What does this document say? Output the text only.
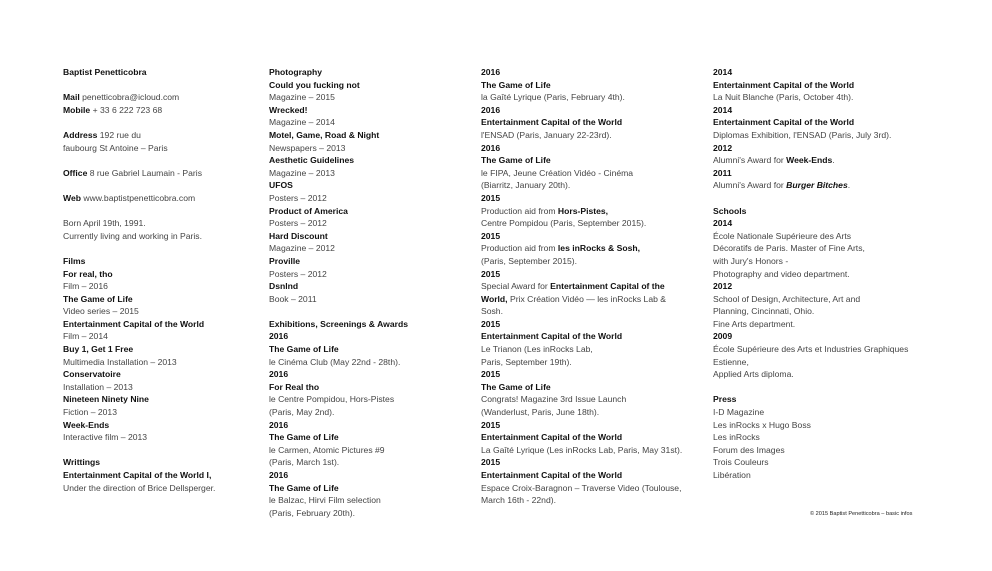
Baptist Penetticobra
Mail penetticobra@icloud.com
Mobile + 33 6 222 723 68
Address 192 rue du
faubourg St Antoine – Paris
Office 8 rue Gabriel Laumain - Paris
Web www.baptistpenetticobra.com
Born April 19th, 1991.
Currently living and working in Paris.
Films
For real, tho
Film – 2016
The Game of Life
Video series – 2015
Entertainment Capital of the World
Film – 2014
Buy 1, Get 1 Free
Multimedia Installation – 2013
Conservatoire
Installation – 2013
Nineteen Ninety Nine
Fiction – 2013
Week-Ends
Interactive film – 2013
Writtings
Entertainment Capital of the World I,
Under the direction of Brice Dellsperger.
Photography
Could you fucking not
Magazine – 2015
Wrecked!
Magazine – 2014
Motel, Game, Road & Night
Newspapers – 2013
Aesthetic Guidelines
Magazine – 2013
UFOS
Posters – 2012
Product of America
Posters – 2012
Hard Discount
Magazine – 2012
Proville
Posters – 2012
Dsnlnd
Book – 2011
Exhibitions, Screenings & Awards
2016
The Game of Life
le Cinéma Club (May 22nd - 28th).
2016
For Real tho
le Centre Pompidou, Hors-Pistes
(Paris, May 2nd).
2016
The Game of Life
le Carmen, Atomic Pictures #9
(Paris, March 1st).
2016
The Game of Life
le Balzac, Hirvi Film selection
(Paris, February 20th).
2016
The Game of Life
la Gaîté Lyrique (Paris, February 4th).
2016
Entertainment Capital of the World
l'ENSAD (Paris, January 22-23rd).
2016
The Game of Life
le FIPA, Jeune Création Vidéo - Cinéma
(Biarritz, January 20th).
2015
Production aid from Hors-Pistes,
Centre Pompidou (Paris, September 2015).
2015
Production aid from les inRocks & Sosh,
(Paris, September 2015).
2015
Special Award for Entertainment Capital of the
World, Prix Création Vidéo — les inRocks Lab &
Sosh.
2015
Entertainment Capital of the World
Le Trianon (Les inRocks Lab,
Paris, September 19th).
2015
The Game of Life
Congrats! Magazine 3rd Issue Launch
(Wanderlust, Paris, June 18th).
2015
Entertainment Capital of the World
La Gaîté Lyrique (Les inRocks Lab, Paris, May 31st).
2015
Entertainment Capital of the World
Espace Croix-Baragnon – Traverse Video (Toulouse,
March 16th - 22nd).
2014
Entertainment Capital of the World
La Nuit Blanche (Paris, October 4th).
2014
Entertainment Capital of the World
Diplomas Exhibition, l'ENSAD (Paris, July 3rd).
2012
Alumni's Award for Week-Ends.
2011
Alumni's Award for Burger Bitches.
Schools
2014
École Nationale Supérieure des Arts
Décoratifs de Paris. Master of Fine Arts,
with Jury's Honors -
Photography and video department.
2012
School of Design, Architecture, Art and
Planning, Cincinnati, Ohio.
Fine Arts department.
2009
École Supérieure des Arts et Industries Graphiques
Estienne,
Applied Arts diploma.
Press
I-D Magazine
Les inRocks x Hugo Boss
Les inRocks
Forum des Images
Trois Couleurs
Libération
© 2015 Baptist Penetticobra – basic infos
